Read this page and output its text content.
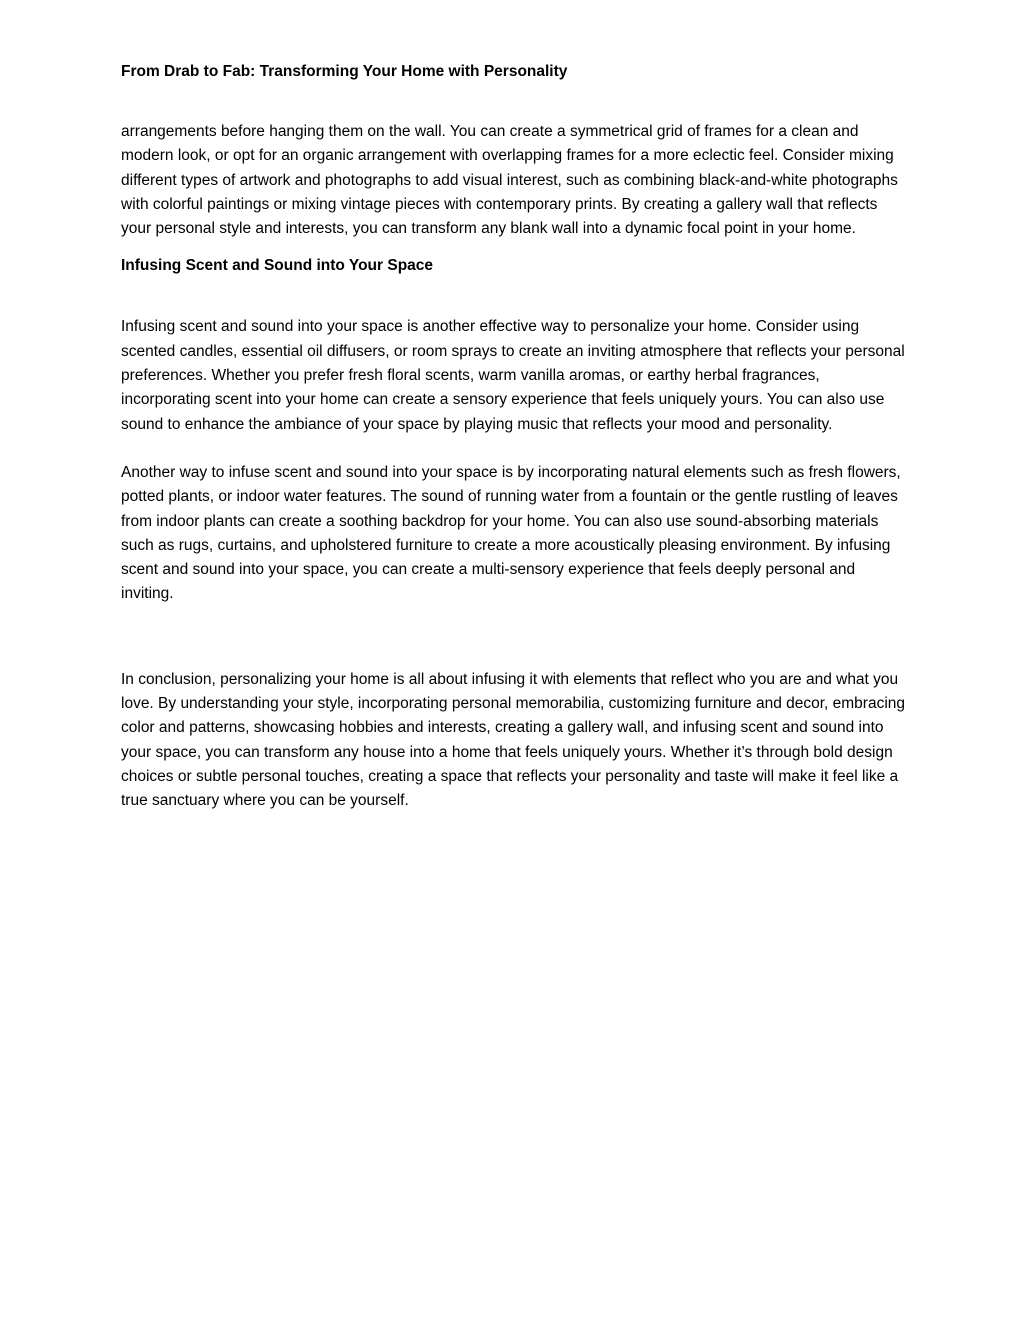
From Drab to Fab: Transforming Your Home with Personality

arrangements before hanging them on the wall. You can create a symmetrical grid of frames for a clean and modern look, or opt for an organic arrangement with overlapping frames for a more eclectic feel. Consider mixing different types of artwork and photographs to add visual interest, such as combining black-and-white photographs with colorful paintings or mixing vintage pieces with contemporary prints. By creating a gallery wall that reflects your personal style and interests, you can transform any blank wall into a dynamic focal point in your home.

Infusing Scent and Sound into Your Space

Infusing scent and sound into your space is another effective way to personalize your home. Consider using scented candles, essential oil diffusers, or room sprays to create an inviting atmosphere that reflects your personal preferences. Whether you prefer fresh floral scents, warm vanilla aromas, or earthy herbal fragrances, incorporating scent into your home can create a sensory experience that feels uniquely yours. You can also use sound to enhance the ambiance of your space by playing music that reflects your mood and personality.

Another way to infuse scent and sound into your space is by incorporating natural elements such as fresh flowers, potted plants, or indoor water features. The sound of running water from a fountain or the gentle rustling of leaves from indoor plants can create a soothing backdrop for your home. You can also use sound-absorbing materials such as rugs, curtains, and upholstered furniture to create a more acoustically pleasing environment. By infusing scent and sound into your space, you can create a multi-sensory experience that feels deeply personal and inviting.

In conclusion, personalizing your home is all about infusing it with elements that reflect who you are and what you love. By understanding your style, incorporating personal memorabilia, customizing furniture and decor, embracing color and patterns, showcasing hobbies and interests, creating a gallery wall, and infusing scent and sound into your space, you can transform any house into a home that feels uniquely yours. Whether it’s through bold design choices or subtle personal touches, creating a space that reflects your personality and taste will make it feel like a true sanctuary where you can be yourself.
